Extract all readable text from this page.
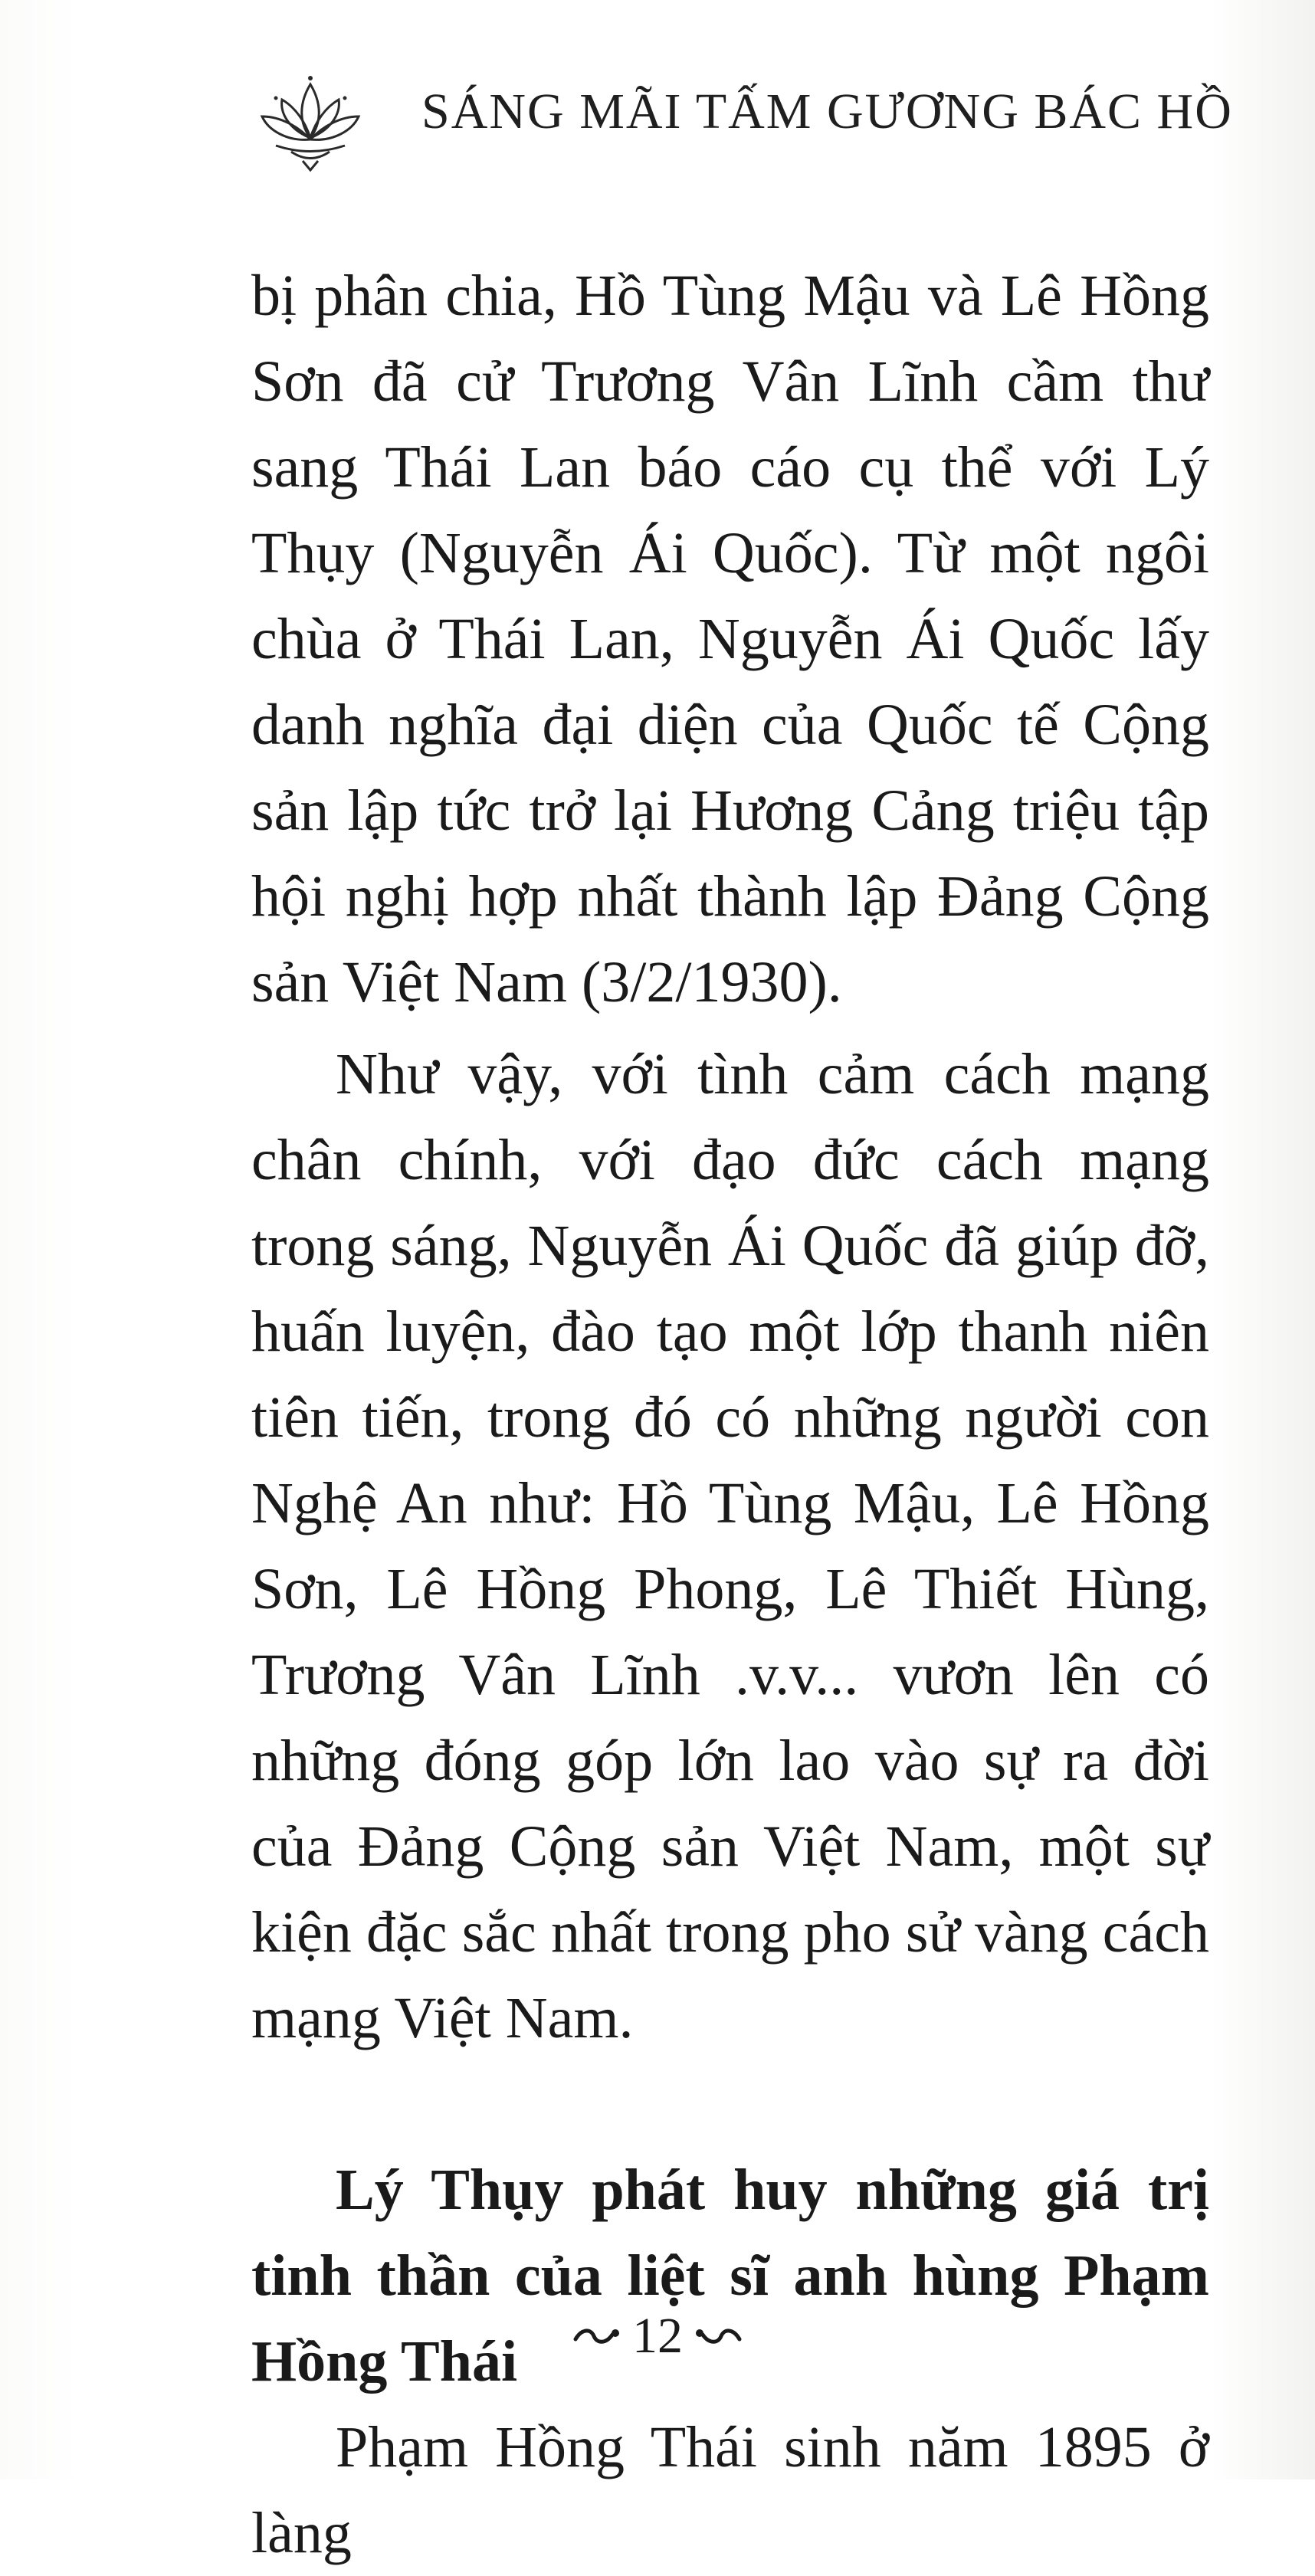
SÁNG MÃI TẤM GƯƠNG BÁC HỒ

bị phân chia, Hồ Tùng Mậu và Lê Hồng Sơn đã cử Trương Vân Lĩnh cầm thư sang Thái Lan báo cáo cụ thể với Lý Thụy (Nguyễn Ái Quốc). Từ một ngôi chùa ở Thái Lan, Nguyễn Ái Quốc lấy danh nghĩa đại diện của Quốc tế Cộng sản lập tức trở lại Hương Cảng triệu tập hội nghị hợp nhất thành lập Đảng Cộng sản Việt Nam (3/2/1930).

Như vậy, với tình cảm cách mạng chân chính, với đạo đức cách mạng trong sáng, Nguyễn Ái Quốc đã giúp đỡ, huấn luyện, đào tạo một lớp thanh niên tiên tiến, trong đó có những người con Nghệ An như: Hồ Tùng Mậu, Lê Hồng Sơn, Lê Hồng Phong, Lê Thiết Hùng, Trương Vân Lĩnh .v.v... vươn lên có những đóng góp lớn lao vào sự ra đời của Đảng Cộng sản Việt Nam, một sự kiện đặc sắc nhất trong pho sử vàng cách mạng Việt Nam.

Lý Thụy phát huy những giá trị tinh thần của liệt sĩ anh hùng Phạm Hồng Thái

Phạm Hồng Thái sinh năm 1895 ở làng

12
